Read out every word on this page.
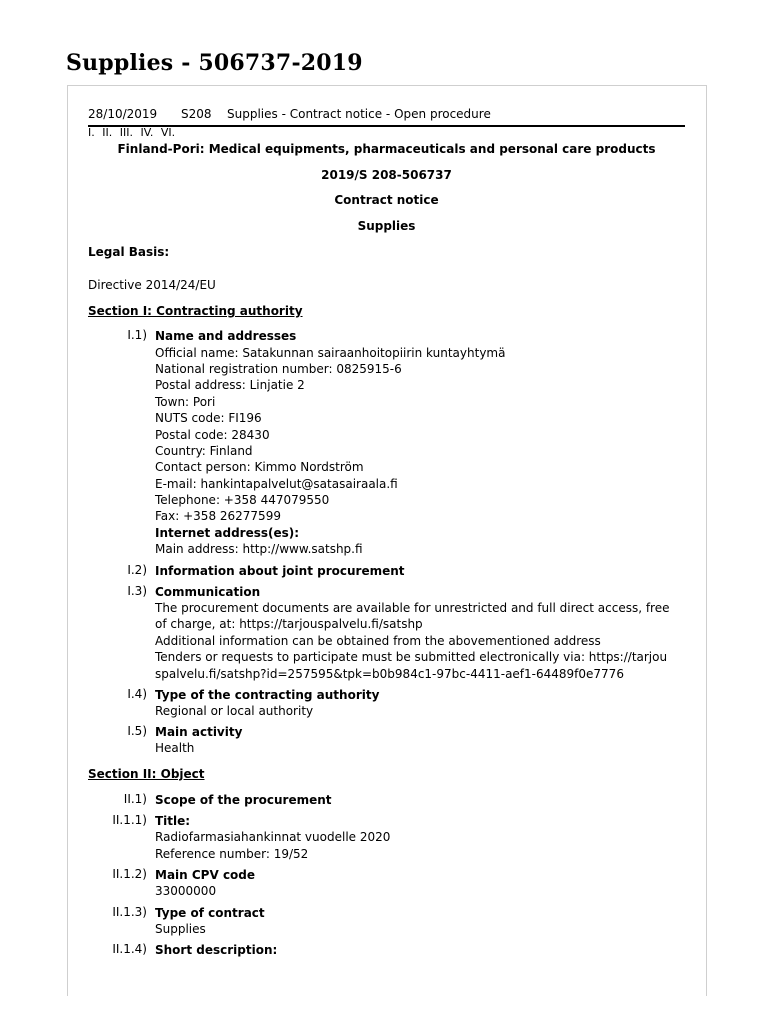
Supplies - 506737-2019
28/10/2019 S208 Supplies - Contract notice - Open procedure
I. II. III. IV. VI.
Finland-Pori: Medical equipments, pharmaceuticals and personal care products
2019/S 208-506737
Contract notice
Supplies
Legal Basis:
Directive 2014/24/EU
Section I: Contracting authority
I.1) Name and addresses
Official name: Satakunnan sairaanhoitopiirin kuntayhtymä
National registration number: 0825915-6
Postal address: Linjatie 2
Town: Pori
NUTS code: FI196
Postal code: 28430
Country: Finland
Contact person: Kimmo Nordström
E-mail: hankintapalvelut@satasairaala.fi
Telephone: +358 447079550
Fax: +358 26277599
Internet address(es):
Main address: http://www.satshp.fi
I.2) Information about joint procurement
I.3) Communication
The procurement documents are available for unrestricted and full direct access, free
of charge, at: https://tarjouspalvelu.fi/satshp
Additional information can be obtained from the abovementioned address
Tenders or requests to participate must be submitted electronically via: https://tarjou
spalvelu.fi/satshp?id=257595&tpk=b0b984c1-97bc-4411-aef1-64489f0e7776
I.4) Type of the contracting authority
Regional or local authority
I.5) Main activity
Health
Section II: Object
II.1) Scope of the procurement
II.1.1) Title:
Radiofarmasiahankinnat vuodelle 2020
Reference number: 19/52
II.1.2) Main CPV code
33000000
II.1.3) Type of contract
Supplies
II.1.4) Short description:
